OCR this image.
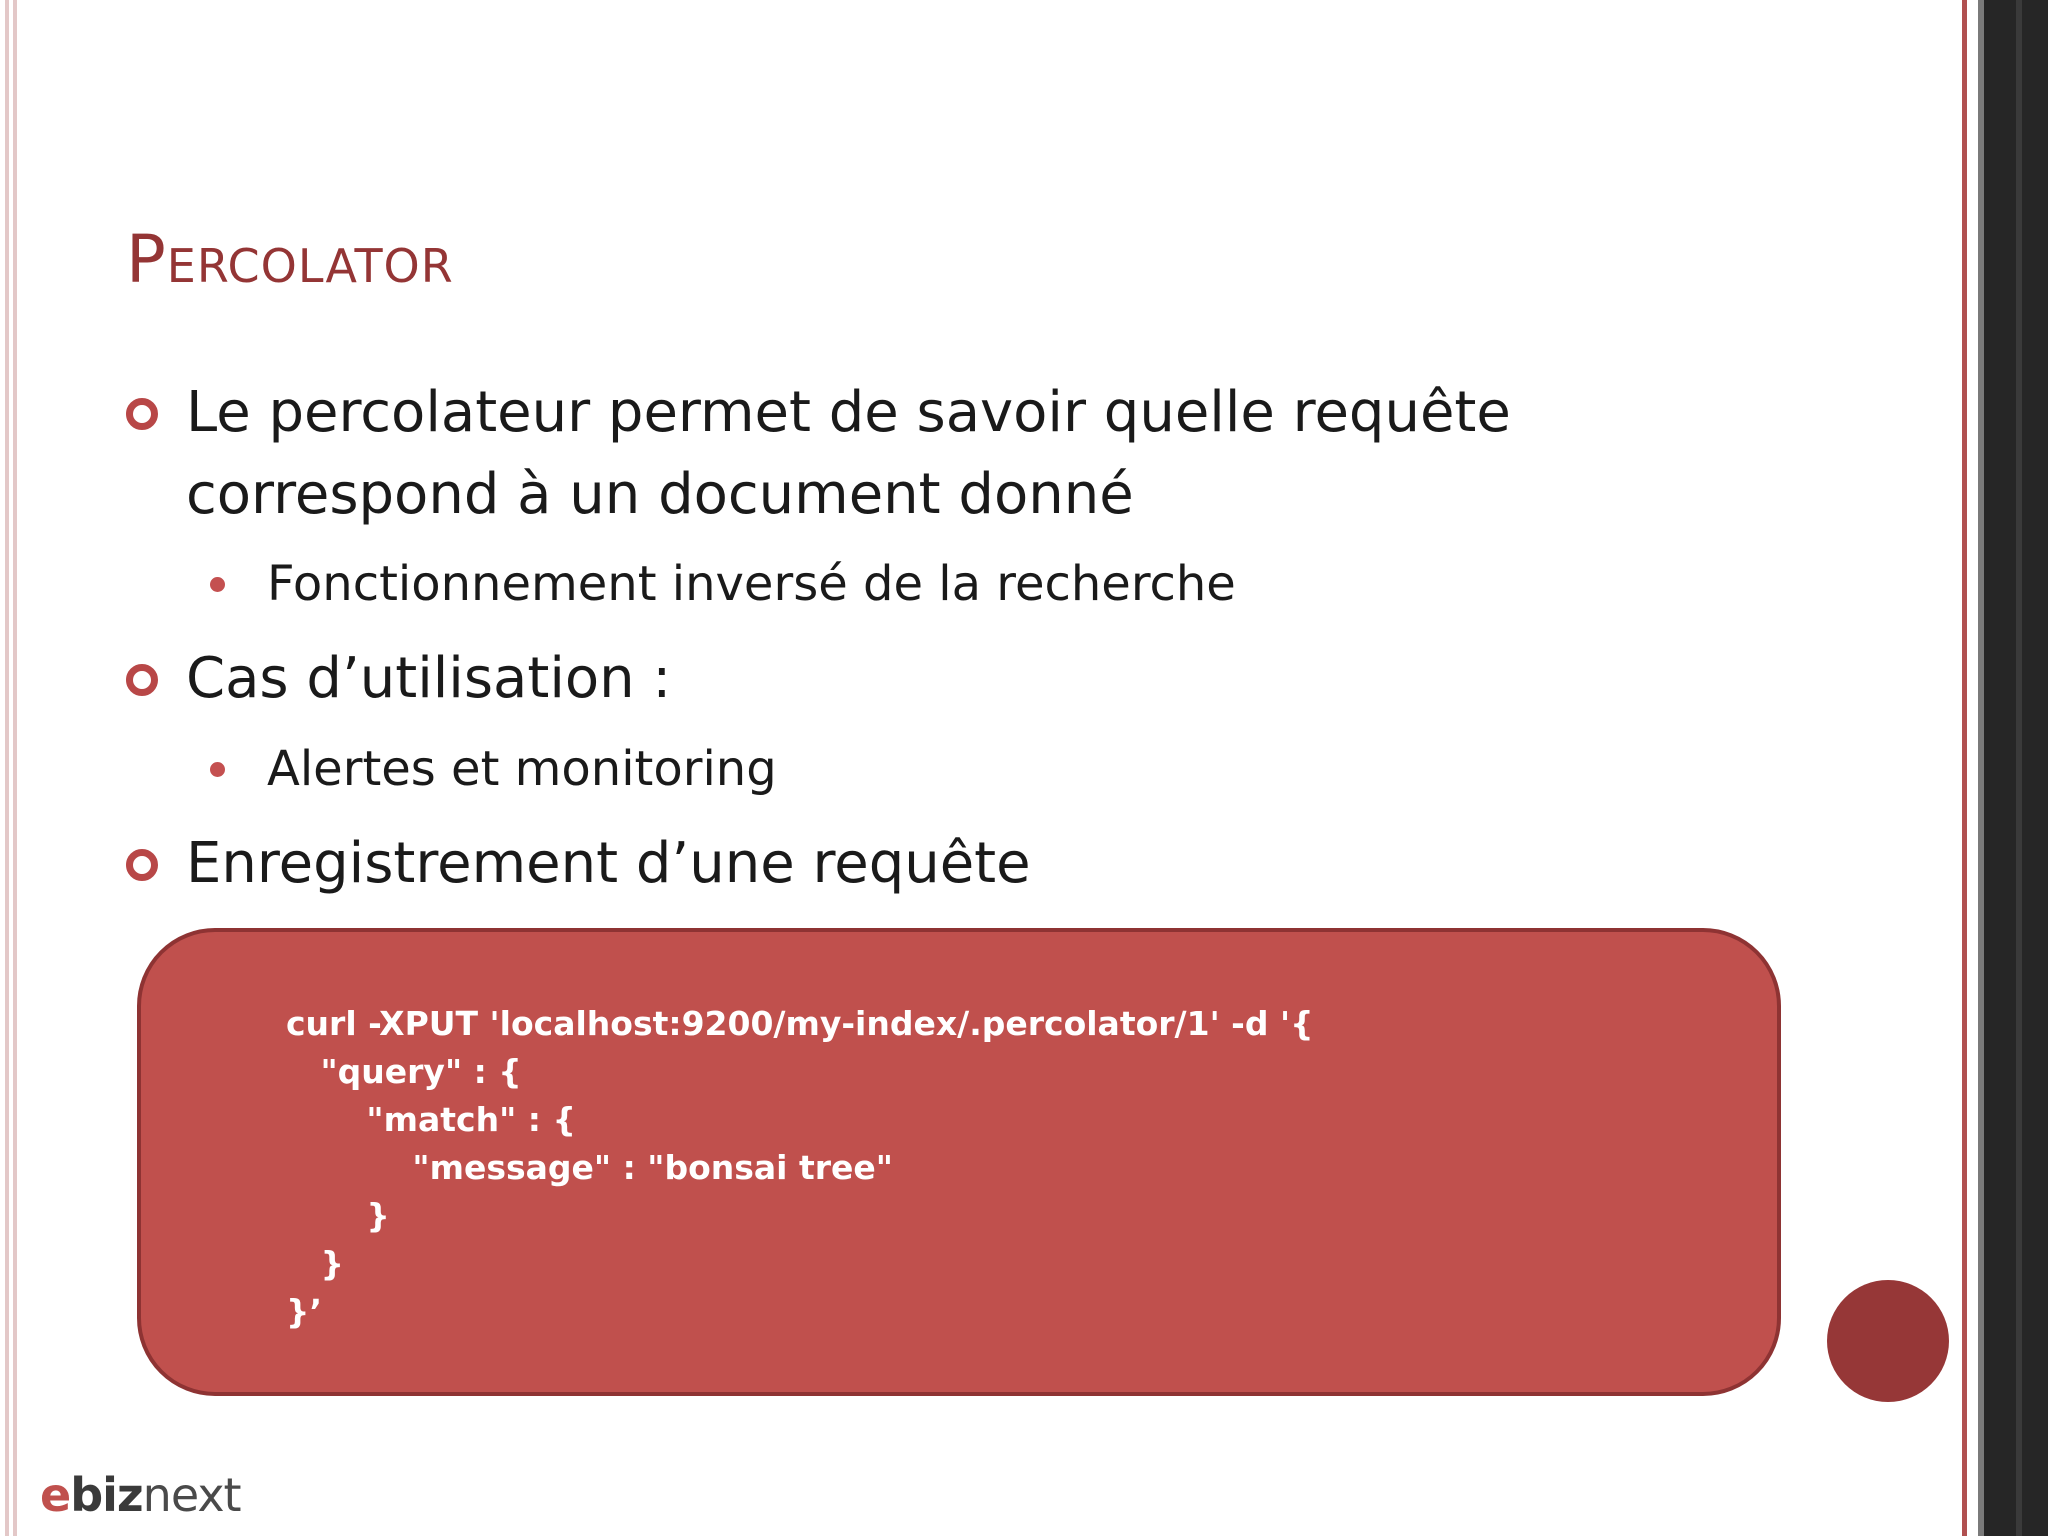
Percolator
Le percolateur permet de savoir quelle requête correspond à un document donné
Fonctionnement inversé de la recherche
Cas d’utilisation :
Alertes et monitoring
Enregistrement d’une requête
curl -XPUT 'localhost:9200/my-index/.percolator/1' -d '{
"query" : {
"match" : {
"message" : "bonsai tree"
}
}
}’
ebiznext
